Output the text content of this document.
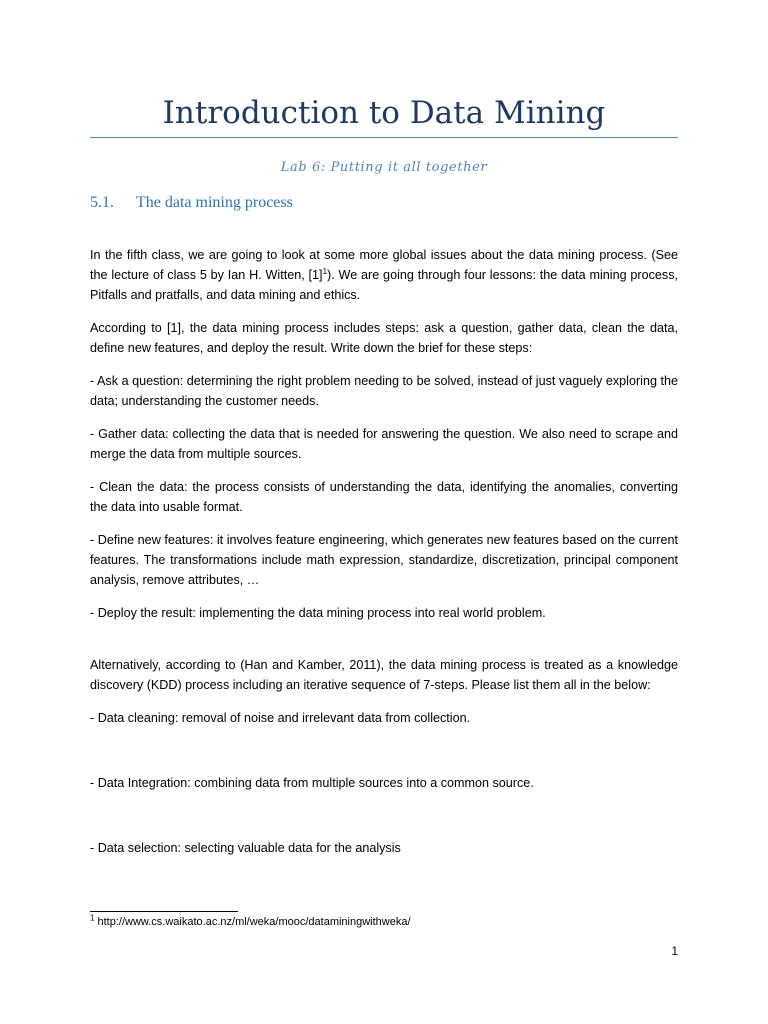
Introduction to Data Mining
Lab 6: Putting it all together
5.1. The data mining process

In the fifth class, we are going to look at some more global issues about the data mining process. (See the lecture of class 5 by Ian H. Witten, $[1]^1$). We are going through four lessons: the data mining process, Pitfalls and pratfalls, and data mining and ethics.

According to [1], the data mining process includes steps: ask a question, gather data, clean the data, define new features, and deploy the result. Write down the brief for these steps:

- Ask a question: determining the right problem needing to be solved, instead of just vaguely exploring the data; understanding the customer needs.

- Gather data: collecting the data that is needed for answering the question. We also need to scrape and merge the data from multiple sources.

- Clean the data: the process consists of understanding the data, identifying the anomalies, converting the data into usable format.

- Define new features: it involves feature engineering, which generates new features based on the current features. The transformations include math expression, standardize, discretization, principal component analysis, remove attributes, …

- Deploy the result: implementing the data mining process into real world problem.

Alternatively, according to (Han and Kamber, 2011), the data mining process is treated as a knowledge discovery (KDD) process including an iterative sequence of 7-steps. Please list them all in the below:

- Data cleaning: removal of noise and irrelevant data from collection.

- Data Integration: combining data from multiple sources into a common source.

- Data selection: selecting valuable data for the analysis

$^1$ http://www.cs.waikato.ac.nz/ml/weka/mooc/dataminingwithweka/
1
